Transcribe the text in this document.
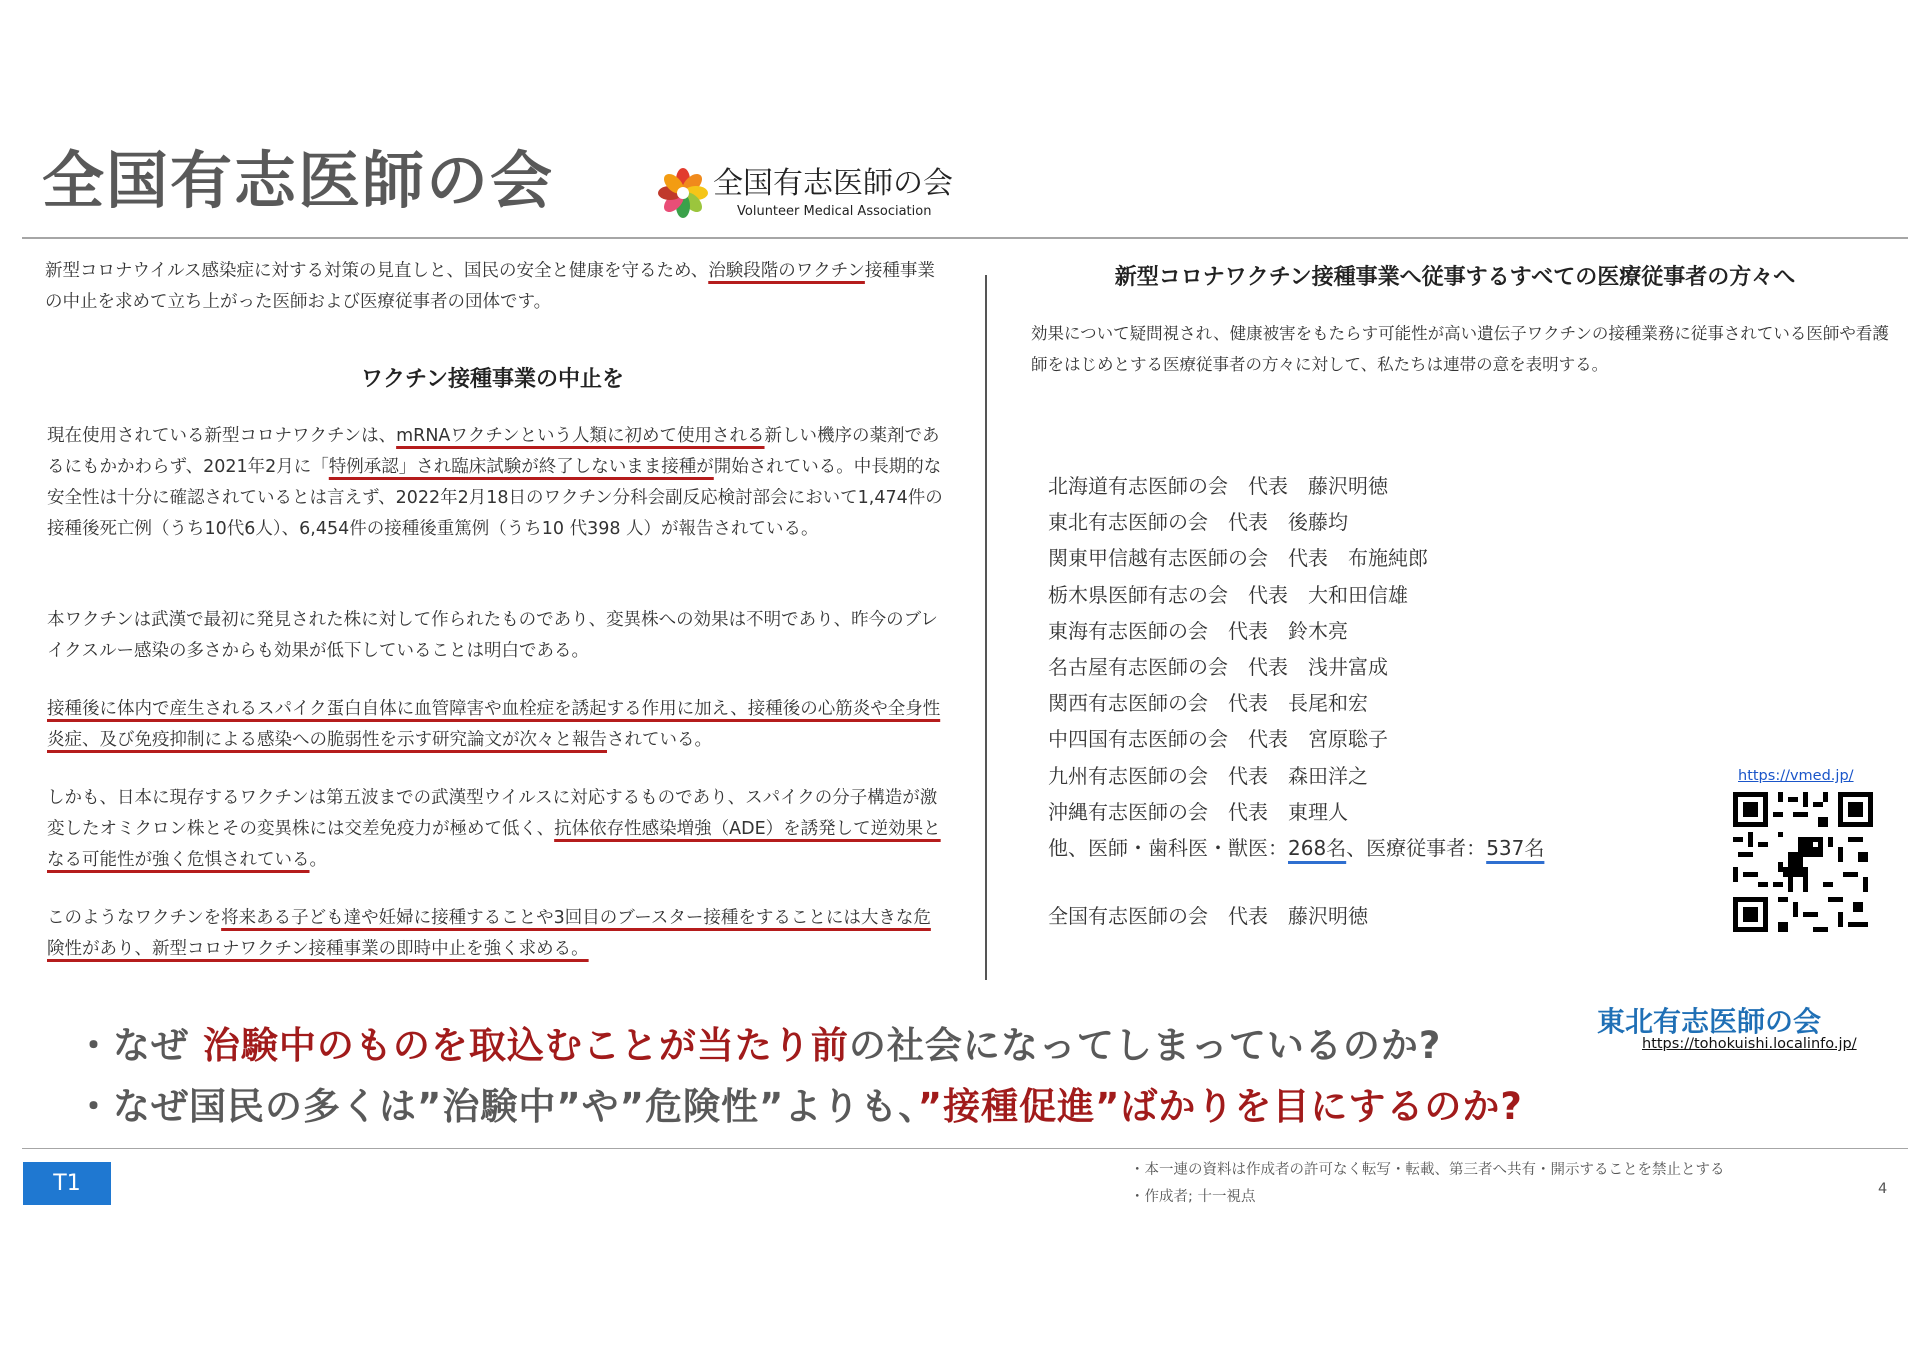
全国有志医師の会	全国有志医師の会
Volunteer Medical Association
新型コロナウイルス感染症に対する対策の見直しと、国民の安全と健康を守るため、治験段階のワクチン接種事業の中止を求めて立ち上がった医師および医療従事者の団体です。
ワクチン接種事業の中止を
現在使用されている新型コロナワクチンは、mRNAワクチンという人類に初めて使用される新しい機序の薬剤であるにもかかわらず、2021年2月に「特例承認」され臨床試験が終了しないまま接種が開始されている。中長期的な安全性は十分に確認されているとは言えず、2022年2月18日のワクチン分科会副反応検討部会において1,474件の接種後死亡例（うち10代6人）、6,454件の接種後重篤例（うち10 代398 人）が報告されている。
本ワクチンは武漢で最初に発見された株に対して作られたものであり、変異株への効果は不明であり、昨今のブレイクスルー感染の多さからも効果が低下していることは明白である。
接種後に体内で産生されるスパイク蛋白自体に血管障害や血栓症を誘起する作用に加え、接種後の心筋炎や全身性炎症、及び免疫抑制による感染への脆弱性を示す研究論文が次々と報告されている。
しかも、日本に現存するワクチンは第五波までの武漢型ウイルスに対応するものであり、スパイクの分子構造が激変したオミクロン株とその変異株には交差免疫力が極めて低く、抗体依存性感染増強（ADE）を誘発して逆効果となる可能性が強く危惧されている。
このようなワクチンを将来ある子ども達や妊婦に接種することや3回目のブースター接種をすることには大きな危険性があり、新型コロナワクチン接種事業の即時中止を強く求める。
新型コロナワクチン接種事業へ従事するすべての医療従事者の方々へ
効果について疑問視され、健康被害をもたらす可能性が高い遺伝子ワクチンの接種業務に従事されている医師や看護師をはじめとする医療従事者の方々に対して、私たちは連帯の意を表明する。
北海道有志医師の会　代表　藤沢明徳
東北有志医師の会　代表　後藤均
関東甲信越有志医師の会　代表　布施純郎
栃木県医師有志の会　代表　大和田信雄
東海有志医師の会　代表　鈴木亮
名古屋有志医師の会　代表　浅井富成
関西有志医師の会　代表　長尾和宏
中四国有志医師の会　代表　宮原聡子
九州有志医師の会　代表　森田洋之
沖縄有志医師の会　代表　東理人
他、医師・歯科医・獣医：268名、医療従事者：537名
全国有志医師の会　代表　藤沢明徳
https://vmed.jp/
東北有志医師の会
https://tohokuishi.localinfo.jp/
・なぜ 治験中のものを取込むことが当たり前の社会になってしまっているのか?
・なぜ国民の多くは”治験中”や”危険性”よりも、”接種促進”ばかりを目にするのか?
T1
・本一連の資料は作成者の許可なく転写・転載、第三者へ共有・開示することを禁止とする
・作成者; 十一視点	4
